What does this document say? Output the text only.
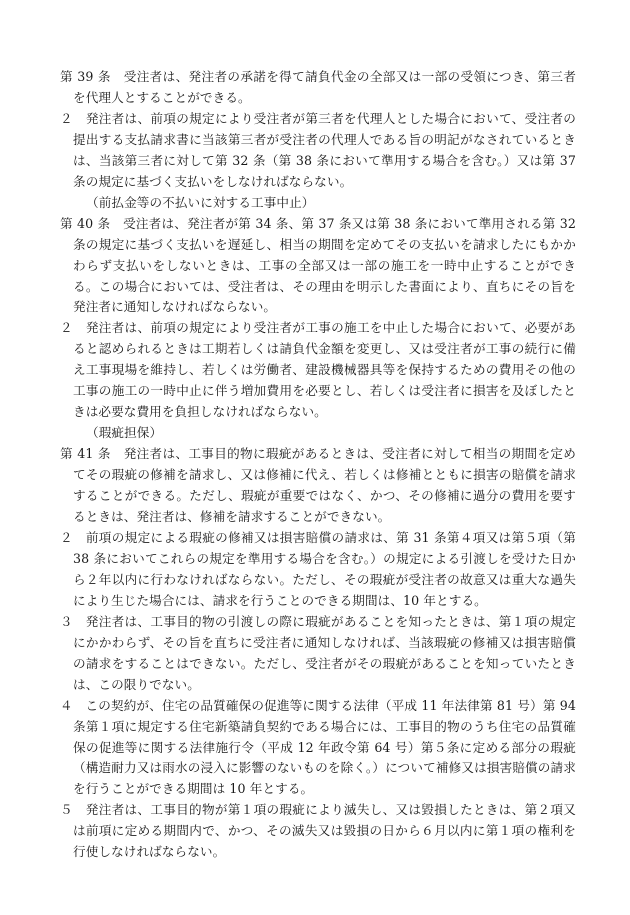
第 39 条　受注者は、発注者の承諾を得て請負代金の全部又は一部の受領につき、第三者を代理人とすることができる。

２　発注者は、前項の規定により受注者が第三者を代理人とした場合において、受注者の提出する支払請求書に当該第三者が受注者の代理人である旨の明記がなされているときは、当該第三者に対して第 32 条（第 38 条において準用する場合を含む。）又は第 37 条の規定に基づく支払いをしなければならない。

（前払金等の不払いに対する工事中止）

第 40 条　受注者は、発注者が第 34 条、第 37 条又は第 38 条において準用される第 32 条の規定に基づく支払いを遅延し、相当の期間を定めてその支払いを請求したにもかかわらず支払いをしないときは、工事の全部又は一部の施工を一時中止することができる。この場合においては、受注者は、その理由を明示した書面により、直ちにその旨を発注者に通知しなければならない。

２　発注者は、前項の規定により受注者が工事の施工を中止した場合において、必要があると認められるときは工期若しくは請負代金額を変更し、又は受注者が工事の続行に備え工事現場を維持し、若しくは労働者、建設機械器具等を保持するための費用その他の工事の施工の一時中止に伴う増加費用を必要とし、若しくは受注者に損害を及ぼしたときは必要な費用を負担しなければならない。

（瑕疵担保）

第 41 条　発注者は、工事目的物に瑕疵があるときは、受注者に対して相当の期間を定めてその瑕疵の修補を請求し、又は修補に代え、若しくは修補とともに損害の賠償を請求することができる。ただし、瑕疵が重要ではなく、かつ、その修補に過分の費用を要するときは、発注者は、修補を請求することができない。

２　前項の規定による瑕疵の修補又は損害賠償の請求は、第 31 条第４項又は第５項（第 38 条においてこれらの規定を準用する場合を含む。）の規定による引渡しを受けた日から２年以内に行わなければならない。ただし、その瑕疵が受注者の故意又は重大な過失により生じた場合には、請求を行うことのできる期間は、10 年とする。

３　発注者は、工事目的物の引渡しの際に瑕疵があることを知ったときは、第１項の規定にかかわらず、その旨を直ちに受注者に通知しなければ、当該瑕疵の修補又は損害賠償の請求をすることはできない。ただし、受注者がその瑕疵があることを知っていたときは、この限りでない。

４　この契約が、住宅の品質確保の促進等に関する法律（平成 11 年法律第 81 号）第 94 条第１項に規定する住宅新築請負契約である場合には、工事目的物のうち住宅の品質確保の促進等に関する法律施行令（平成 12 年政令第 64 号）第５条に定める部分の瑕疵（構造耐力又は雨水の浸入に影響のないものを除く。）について補修又は損害賠償の請求を行うことができる期間は 10 年とする。

５　発注者は、工事目的物が第１項の瑕疵により滅失し、又は毀損したときは、第２項又は前項に定める期間内で、かつ、その滅失又は毀損の日から６月以内に第１項の権利を行使しなければならない。
